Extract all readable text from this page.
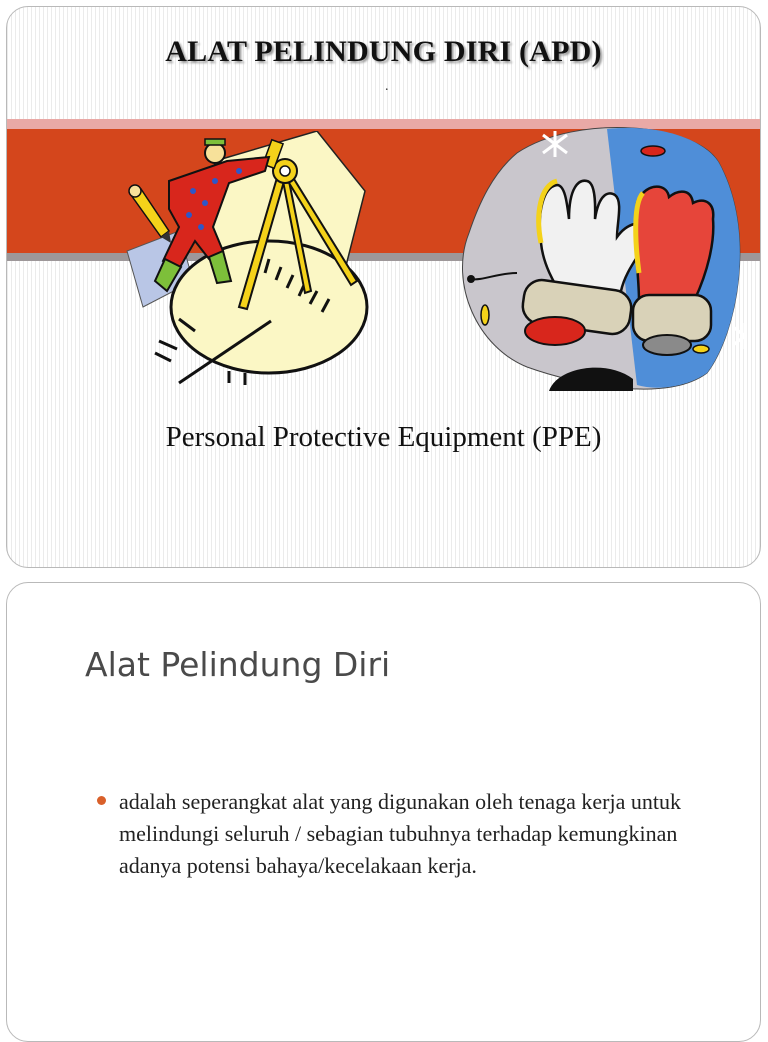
ALAT PELINDUNG DIRI (APD)
.
Personal Protective Equipment (PPE)
Alat Pelindung Diri
adalah seperangkat alat yang digunakan oleh tenaga kerja untuk melindungi seluruh / sebagian tubuhnya terhadap kemungkinan adanya potensi bahaya/kecelakaan kerja.
